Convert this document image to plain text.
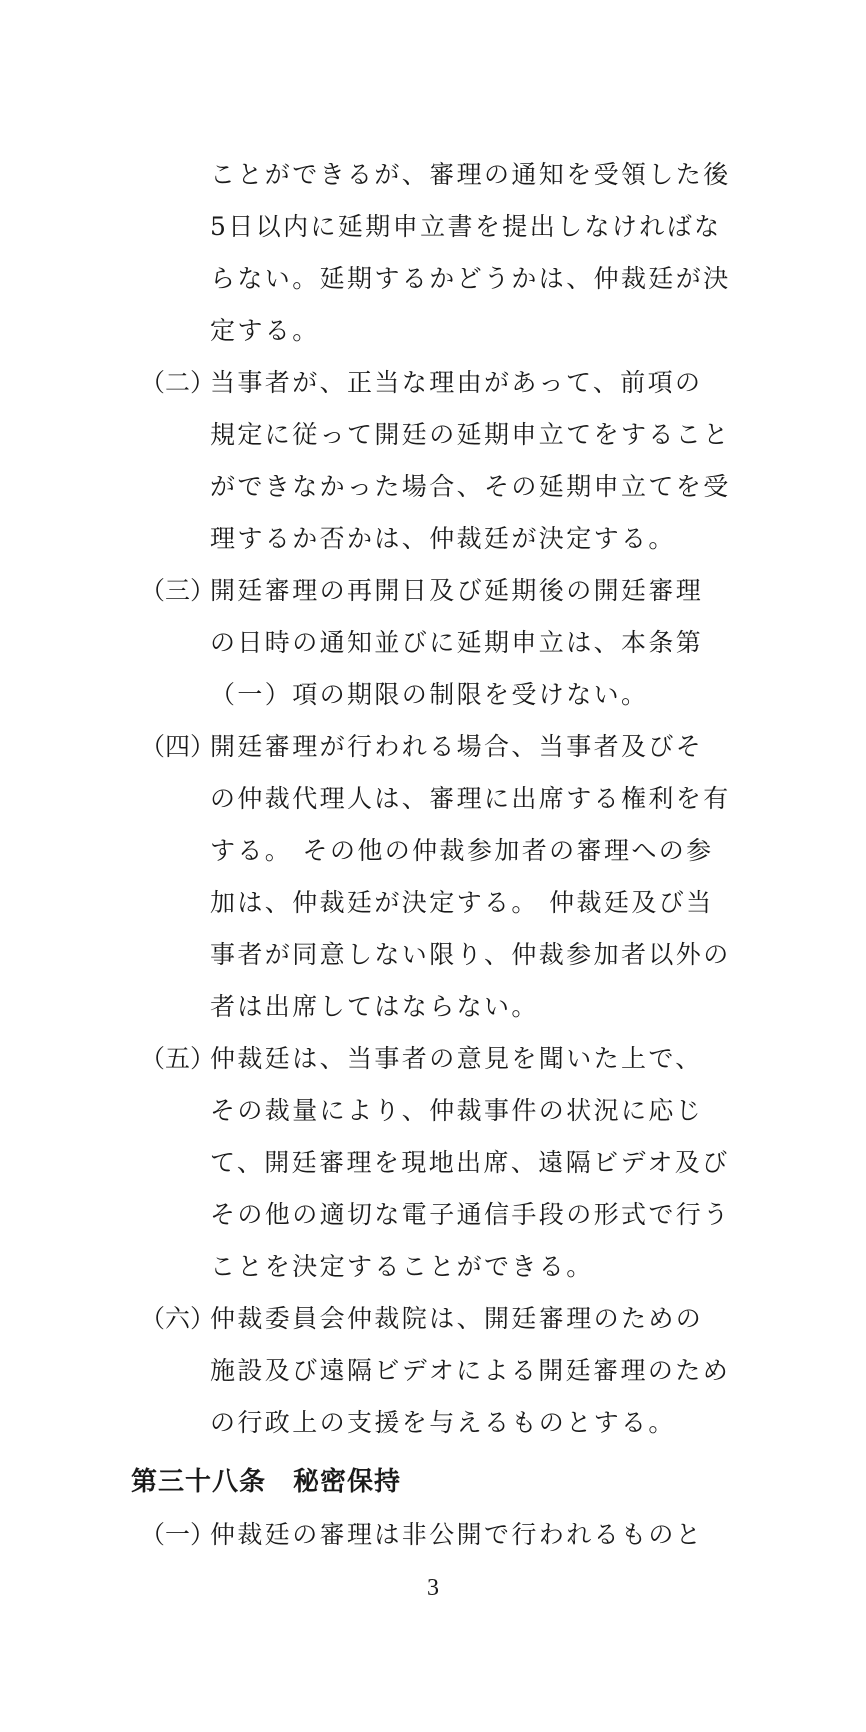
ことができるが、審理の通知を受領した後
5日以内に延期申立書を提出しなければな
らない。延期するかどうかは、仲裁廷が決
定する。
（二）
当事者が、正当な理由があって、前項の
規定に従って開廷の延期申立てをすること
ができなかった場合、その延期申立てを受
理するか否かは、仲裁廷が決定する。
（三）
開廷審理の再開日及び延期後の開廷審理
の日時の通知並びに延期申立は、本条第
（一）項の期限の制限を受けない。
（四）
開廷審理が行われる場合、当事者及びそ
の仲裁代理人は、審理に出席する権利を有
する。 その他の仲裁参加者の審理への参
加は、仲裁廷が決定する。 仲裁廷及び当
事者が同意しない限り、仲裁参加者以外の
者は出席してはならない。
（五）
仲裁廷は、当事者の意見を聞いた上で、
その裁量により、仲裁事件の状況に応じ
て、開廷審理を現地出席、遠隔ビデオ及び
その他の適切な電子通信手段の形式で行う
ことを決定することができる。
（六）
仲裁委員会仲裁院は、開廷審理のための
施設及び遠隔ビデオによる開廷審理のため
の行政上の支援を与えるものとする。
第三十八条　秘密保持
（一）
仲裁廷の審理は非公開で行われるものと
3
